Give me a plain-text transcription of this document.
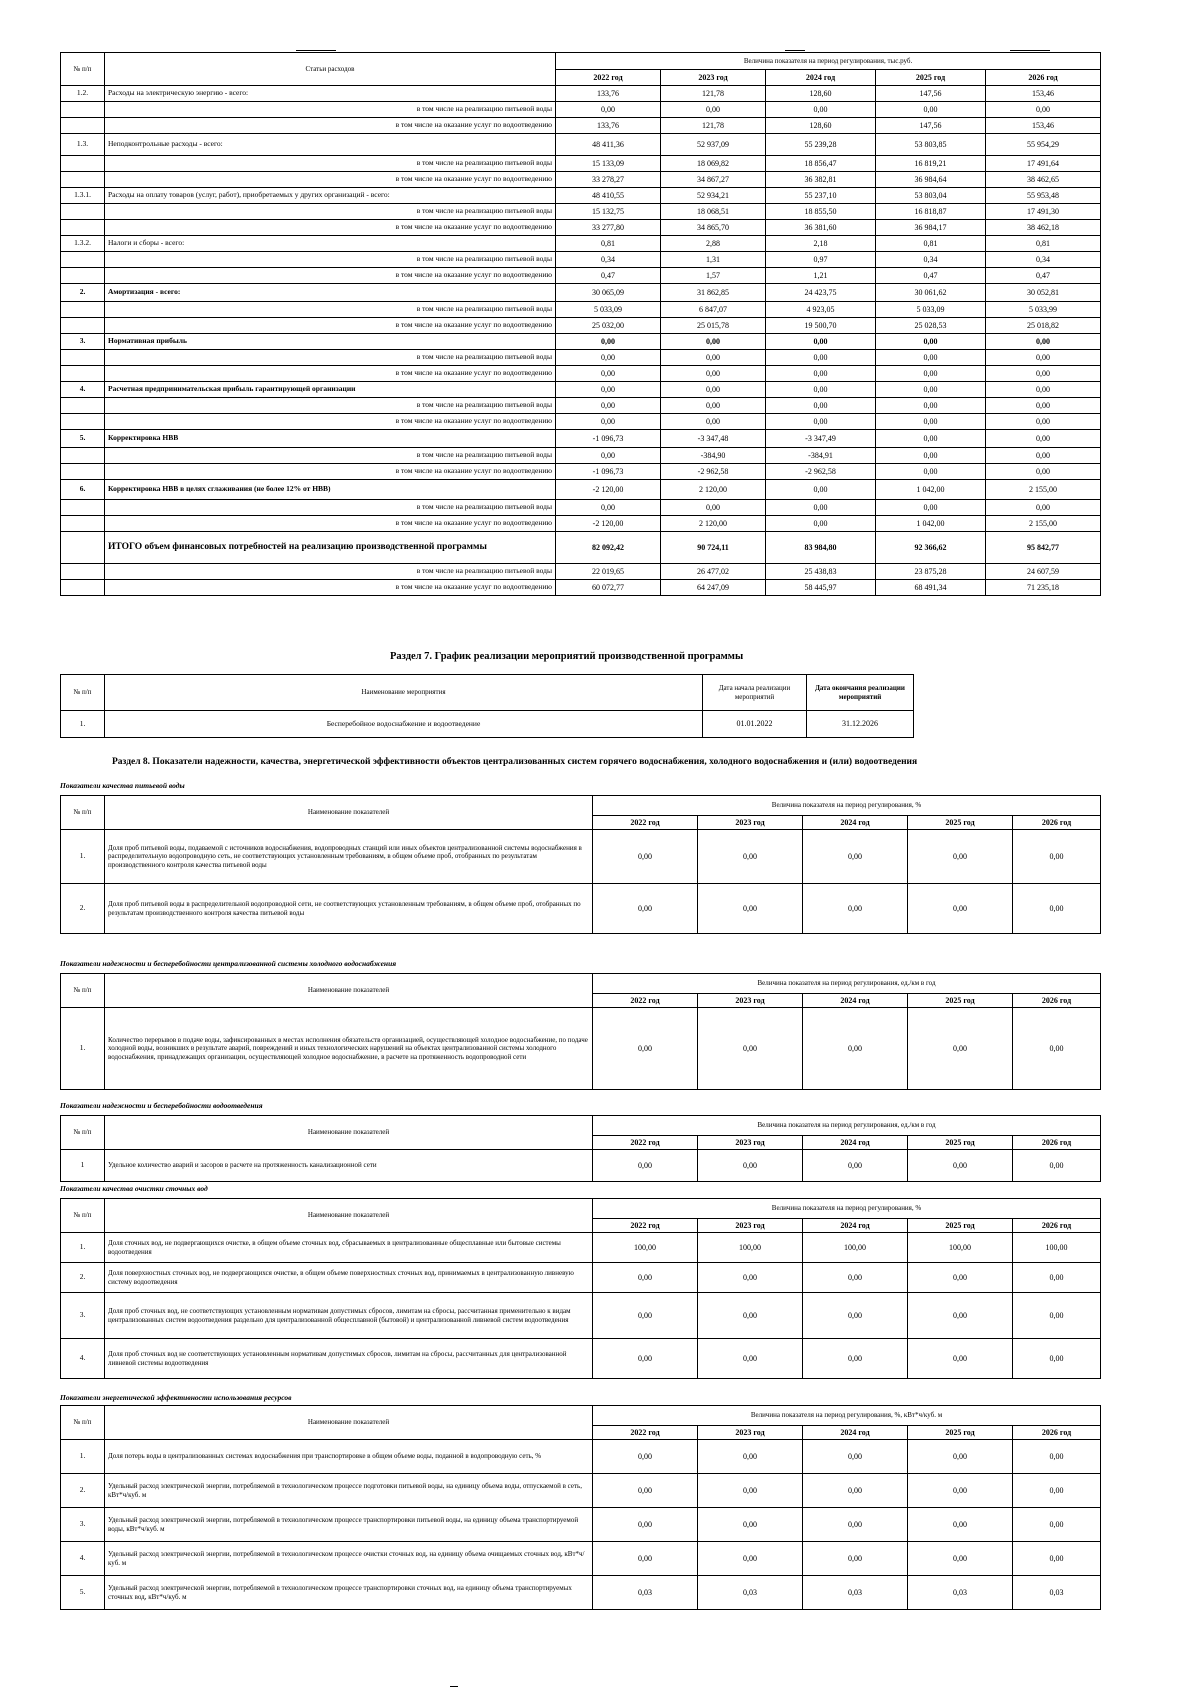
№ п/п	Статьи расходов	Величина показателя на период регулирования, тыс.руб.				
		2022 год	2023 год	2024 год	2025 год	2026 год
1.2.	Расходы на электрическую энергию - всего:	133,76	121,78	128,60	147,56	153,46
	в том числе на реализацию питьевой воды	0,00	0,00	0,00	0,00	0,00
	в том числе на оказание услуг по водоотведению	133,76	121,78	128,60	147,56	153,46
1.3.	Неподконтрольные расходы - всего:	48 411,36	52 937,09	55 239,28	53 803,85	55 954,29
	в том числе на реализацию питьевой воды	15 133,09	18 069,82	18 856,47	16 819,21	17 491,64
	в том числе на оказание услуг по водоотведению	33 278,27	34 867,27	36 382,81	36 984,64	38 462,65
1.3.1.	Расходы на оплату товаров (услуг, работ), приобретаемых у других организаций - всего:	48 410,55	52 934,21	55 237,10	53 803,04	55 953,48
	в том числе на реализацию питьевой воды	15 132,75	18 068,51	18 855,50	16 818,87	17 491,30
	в том числе на оказание услуг по водоотведению	33 277,80	34 865,70	36 381,60	36 984,17	38 462,18
1.3.2.	Налоги и сборы - всего:	0,81	2,88	2,18	0,81	0,81
	в том числе на реализацию питьевой воды	0,34	1,31	0,97	0,34	0,34
	в том числе на оказание услуг по водоотведению	0,47	1,57	1,21	0,47	0,47
2.	Амортизация - всего:	30 065,09	31 862,85	24 423,75	30 061,62	30 052,81
	в том числе на реализацию питьевой воды	5 033,09	6 847,07	4 923,05	5 033,09	5 033,99
	в том числе на оказание услуг по водоотведению	25 032,00	25 015,78	19 500,70	25 028,53	25 018,82
3.	Нормативная прибыль	0,00	0,00	0,00	0,00	0,00
	в том числе на реализацию питьевой воды	0,00	0,00	0,00	0,00	0,00
	в том числе на оказание услуг по водоотведению	0,00	0,00	0,00	0,00	0,00
4.	Расчетная предпринимательская прибыль гарантирующей организации	0,00	0,00	0,00	0,00	0,00
	в том числе на реализацию питьевой воды	0,00	0,00	0,00	0,00	0,00
	в том числе на оказание услуг по водоотведению	0,00	0,00	0,00	0,00	0,00
5.	Корректировка НВВ	-1 096,73	-3 347,48	-3 347,49	0,00	0,00
	в том числе на реализацию питьевой воды	0,00	-384,90	-384,91	0,00	0,00
	в том числе на оказание услуг по водоотведению	-1 096,73	-2 962,58	-2 962,58	0,00	0,00
6.	Корректировка НВВ в целях сглаживания (не более 12% от НВВ)	-2 120,00	2 120,00	0,00	1 042,00	2 155,00
	в том числе на реализацию питьевой воды	0,00	0,00	0,00	0,00	0,00
	в том числе на оказание услуг по водоотведению	-2 120,00	2 120,00	0,00	1 042,00	2 155,00
	ИТОГО объем финансовых потребностей на реализацию производственной программы	82 092,42	90 724,11	83 984,80	92 366,62	95 842,77
	в том числе на реализацию питьевой воды	22 019,65	26 477,02	25 438,83	23 875,28	24 607,59
	в том числе на оказание услуг по водоотведению	60 072,77	64 247,09	58 445,97	68 491,34	71 235,18
Раздел 7. График реализации мероприятий производственной программы
№ п/п	Наименование мероприятия	Дата начала реализации мероприятий	Дата окончания реализации мероприятий
1.	Бесперебойное водоснабжение и водоотведение	01.01.2022	31.12.2026
Раздел 8. Показатели надежности, качества, энергетической эффективности объектов централизованных систем горячего водоснабжения, холодного водоснабжения и (или) водоотведения
Показатели качества питьевой воды
№ п/п	Наименование показателей	Величина показателя на период регулирования, %				
		2022 год	2023 год	2024 год	2025 год	2026 год
1.	Доля проб питьевой воды, подаваемой с источников водоснабжения, водопроводных станций или иных объектов централизованной системы водоснабжения в распределительную водопроводную сеть, не соответствующих установленным требованиям, в общем объеме проб, отобранных по результатам производственного контроля качества питьевой воды	0,00	0,00	0,00	0,00	0,00
2.	Доля проб питьевой воды в распределительной водопроводной сети, не соответствующих установленным требованиям, в общем объеме проб, отобранных по результатам производственного контроля качества питьевой воды	0,00	0,00	0,00	0,00	0,00
Показатели надежности и бесперебойности централизованной системы холодного водоснабжения
№ п/п	Наименование показателей	Величина показателя на период регулирования, ед./км в год				
		2022 год	2023 год	2024 год	2025 год	2026 год
1.	Количество перерывов в подаче воды, зафиксированных в местах исполнения обязательств организацией, осуществляющей холодное водоснабжение, по подаче холодной воды, возникших в результате аварий, повреждений и иных технологических нарушений на объектах централизованной системы холодного водоснабжения, принадлежащих организации, осуществляющей холодное водоснабжение, в расчете на протяженность водопроводной сети	0,00	0,00	0,00	0,00	0,00
Показатели надежности и бесперебойности водоотведения
№ п/п	Наименование показателей	Величина показателя на период регулирования, ед./км в год				
		2022 год	2023 год	2024 год	2025 год	2026 год
1	Удельное количество аварий и засоров в расчете на протяженность канализационной сети	0,00	0,00	0,00	0,00	0,00
Показатели качества очистки сточных вод
№ п/п	Наименование показателей	Величина показателя на период регулирования, %				
		2022 год	2023 год	2024 год	2025 год	2026 год
1.	Доля сточных вод, не подвергающихся очистке, в общем объеме сточных вод, сбрасываемых в централизованные общесплавные или бытовые системы водоотведения	100,00	100,00	100,00	100,00	100,00
2.	Доля поверхностных сточных вод, не подвергающихся очистке, в общем объеме поверхностных сточных вод, принимаемых в централизованную ливневую систему водоотведения	0,00	0,00	0,00	0,00	0,00
3.	Доля проб сточных вод, не соответствующих установленным нормативам допустимых сбросов, лимитам на сбросы, рассчитанная применительно к видам централизованных систем водоотведения раздельно для централизованной общесплавной (бытовой) и централизованной ливневой систем водоотведения	0,00	0,00	0,00	0,00	0,00
4.	Доля проб сточных вод не соответствующих установленным нормативам допустимых сбросов, лимитам на сбросы, рассчитанных для централизованной ливневой системы водоотведения	0,00	0,00	0,00	0,00	0,00
Показатели энергетической эффективности использования ресурсов
№ п/п	Наименование показателей	Величина показателя на период регулирования, %, кВт*ч/куб. м				
		2022 год	2023 год	2024 год	2025 год	2026 год
1.	Доля потерь воды в централизованных системах водоснабжения при транспортировке в общем объеме воды, поданной в водопроводную сеть, %	0,00	0,00	0,00	0,00	0,00
2.	Удельный расход электрической энергии, потребляемой в технологическом процессе подготовки питьевой воды, на единицу объема воды, отпускаемой в сеть, кВт*ч/куб. м	0,00	0,00	0,00	0,00	0,00
3.	Удельный расход электрической энергии, потребляемой в технологическом процессе транспортировки питьевой воды, на единицу объема транспортируемой воды, кВт*ч/куб. м	0,00	0,00	0,00	0,00	0,00
4.	Удельный расход электрической энергии, потребляемой в технологическом процессе очистки сточных вод, на единицу объема очищаемых сточных вод, кВт*ч/куб. м	0,00	0,00	0,00	0,00	0,00
5.	Удельный расход электрической энергии, потребляемой в технологическом процессе транспортировки сточных вод, на единицу объема транспортируемых сточных вод, кВт*ч/куб. м	0,03	0,03	0,03	0,03	0,03
